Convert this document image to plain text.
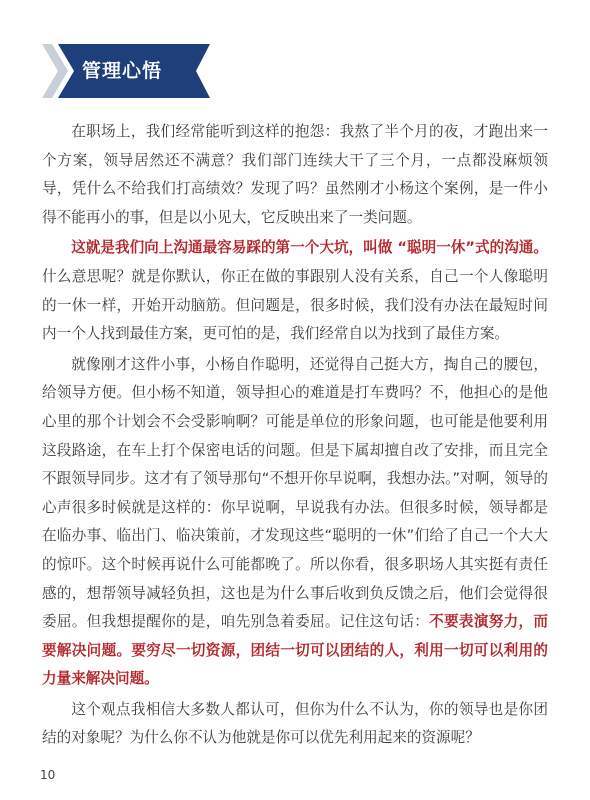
管理心悟

在职场上，我们经常能听到这样的抱怨：我熬了半个月的夜，才跑出来一个方案，领导居然还不满意？我们部门连续大干了三个月，一点都没麻烦领导，凭什么不给我们打高绩效？发现了吗？虽然刚才小杨这个案例，是一件小得不能再小的事，但是以小见大，它反映出来了一类问题。

这就是我们向上沟通最容易踩的第一个大坑，叫做 “聪明一休”式的沟通。什么意思呢？就是你默认，你正在做的事跟别人没有关系，自己一个人像聪明的一休一样，开始开动脑筋。但问题是，很多时候，我们没有办法在最短时间内一个人找到最佳方案，更可怕的是，我们经常自以为找到了最佳方案。

就像刚才这件小事，小杨自作聪明，还觉得自己挺大方，掏自己的腰包，给领导方便。但小杨不知道，领导担心的难道是打车费吗？不，他担心的是他心里的那个计划会不会受影响啊？可能是单位的形象问题，也可能是他要利用这段路途，在车上打个保密电话的问题。但是下属却擅自改了安排，而且完全不跟领导同步。这才有了领导那句“不想开你早说啊，我想办法。”对啊，领导的心声很多时候就是这样的：你早说啊，早说我有办法。但很多时候，领导都是在临办事、临出门、临决策前，才发现这些“聪明的一休”们给了自己一个大大的惊吓。这个时候再说什么可能都晚了。所以你看，很多职场人其实挺有责任感的，想帮领导减轻负担，这也是为什么事后收到负反馈之后，他们会觉得很委屈。但我想提醒你的是，咱先别急着委屈。记住这句话：不要表演努力，而要解决问题。要穷尽一切资源，团结一切可以团结的人，利用一切可以利用的力量来解决问题。

这个观点我相信大多数人都认可，但你为什么不认为，你的领导也是你团结的对象呢？为什么你不认为他就是你可以优先利用起来的资源呢？

10
